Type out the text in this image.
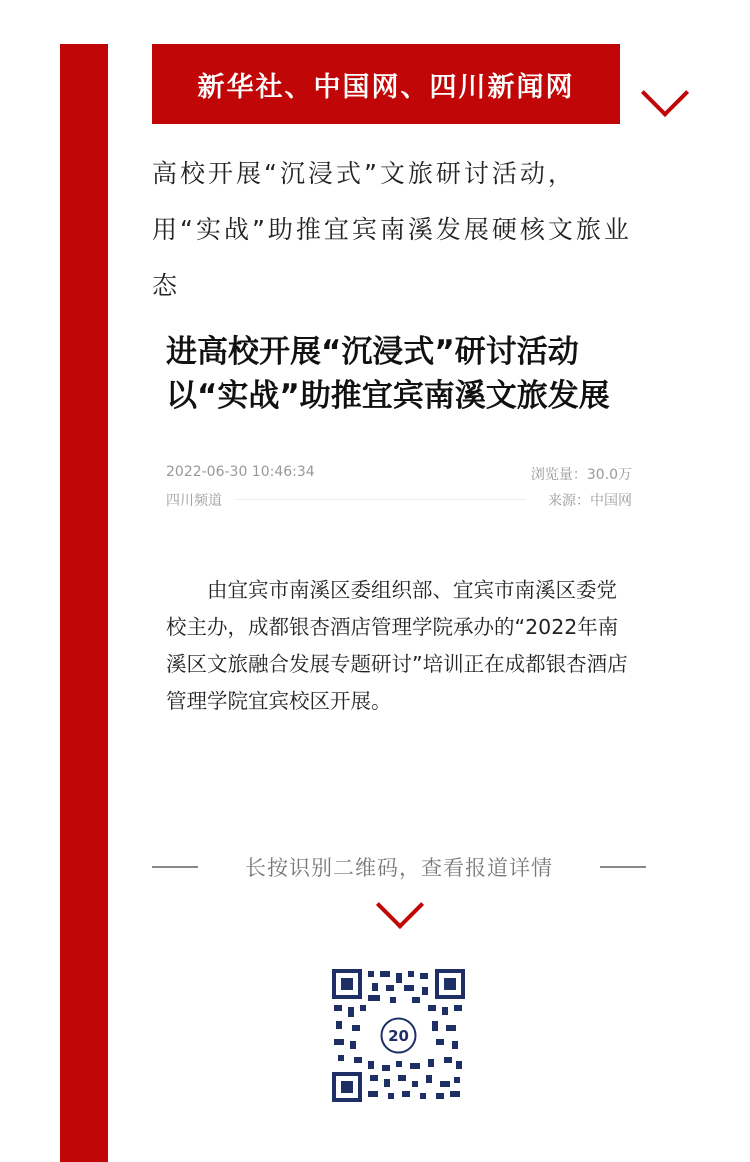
新华社、中国网、四川新闻网
高校开展“沉浸式”文旅研讨活动，用“实战”助推宜宾南溪发展硬核文旅业态
进高校开展“沉浸式”研讨活动 以“实战”助推宜宾南溪文旅发展
2022-06-30 10:46:34	浏览量：30.0万
四川频道	来源：中国网
由宜宾市南溪区委组织部、宜宾市南溪区委党校主办，成都银杏酒店管理学院承办的“2022年南溪区文旅融合发展专题研讨”培训正在成都银杏酒店管理学院宜宾校区开展。
长按识别二维码，查看报道详情
20
